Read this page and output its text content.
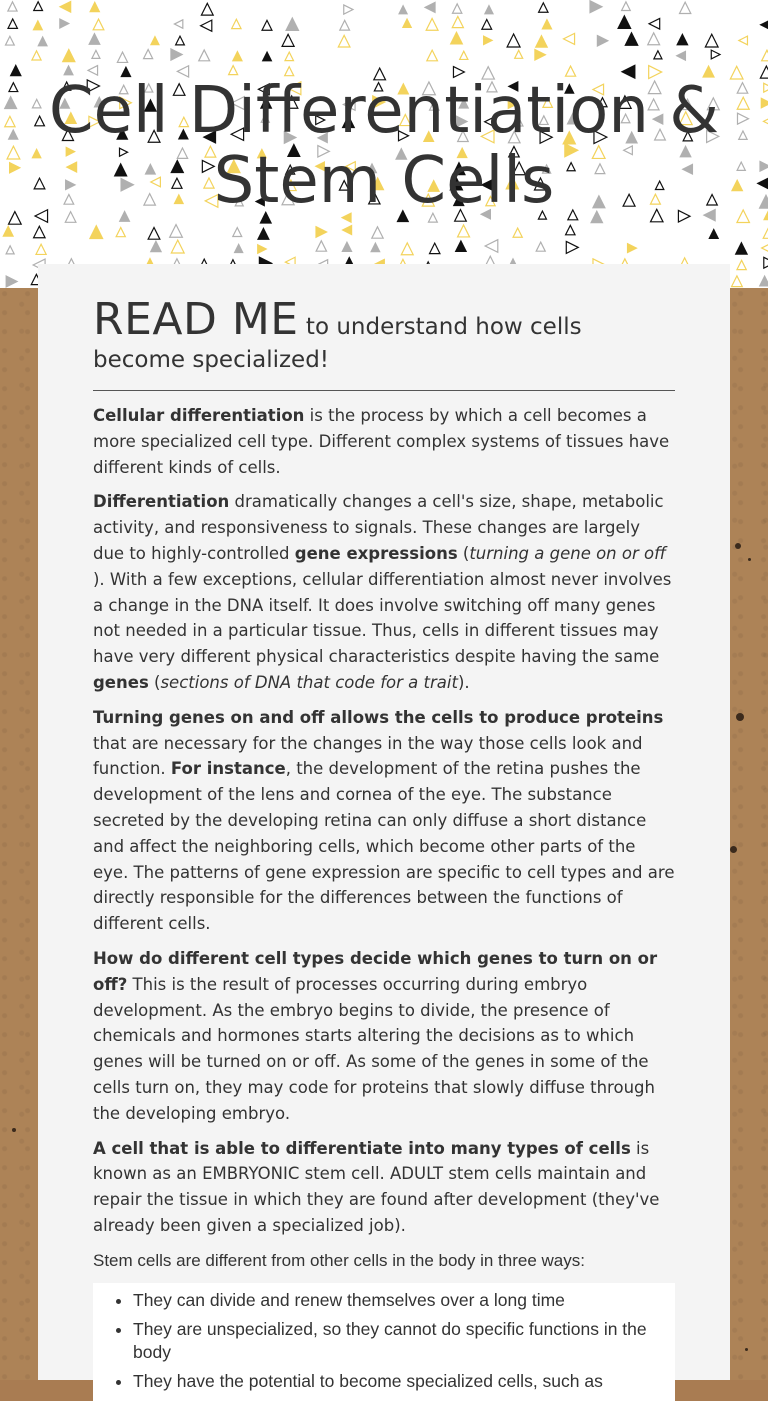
Cell Differentiation & Stem Cells
READ ME to understand how cells become specialized!

Cellular differentiation is the process by which a cell becomes a more specialized cell type. Different complex systems of tissues have different kinds of cells.

Differentiation dramatically changes a cell's size, shape, metabolic activity, and responsiveness to signals. These changes are largely due to highly-controlled gene expressions (turning a gene on or off ). With a few exceptions, cellular differentiation almost never involves a change in the DNA itself. It does involve switching off many genes not needed in a particular tissue. Thus, cells in different tissues may have very different physical characteristics despite having the same genes (sections of DNA that code for a trait).

Turning genes on and off allows the cells to produce proteins that are necessary for the changes in the way those cells look and function. For instance, the development of the retina pushes the development of the lens and cornea of the eye. The substance secreted by the developing retina can only diffuse a short distance and affect the neighboring cells, which become other parts of the eye. The patterns of gene expression are specific to cell types and are directly responsible for the differences between the functions of different cells.

How do different cell types decide which genes to turn on or off? This is the result of processes occurring during embryo development. As the embryo begins to divide, the presence of chemicals and hormones starts altering the decisions as to which genes will be turned on or off. As some of the genes in some of the cells turn on, they may code for proteins that slowly diffuse through the developing embryo.

A cell that is able to differentiate into many types of cells is known as an EMBRYONIC stem cell. ADULT stem cells maintain and repair the tissue in which they are found after development (they've already been given a specialized job).

Stem cells are different from other cells in the body in three ways:

• They can divide and renew themselves over a long time
• They are unspecialized, so they cannot do specific functions in the body
• They have the potential to become specialized cells, such as
